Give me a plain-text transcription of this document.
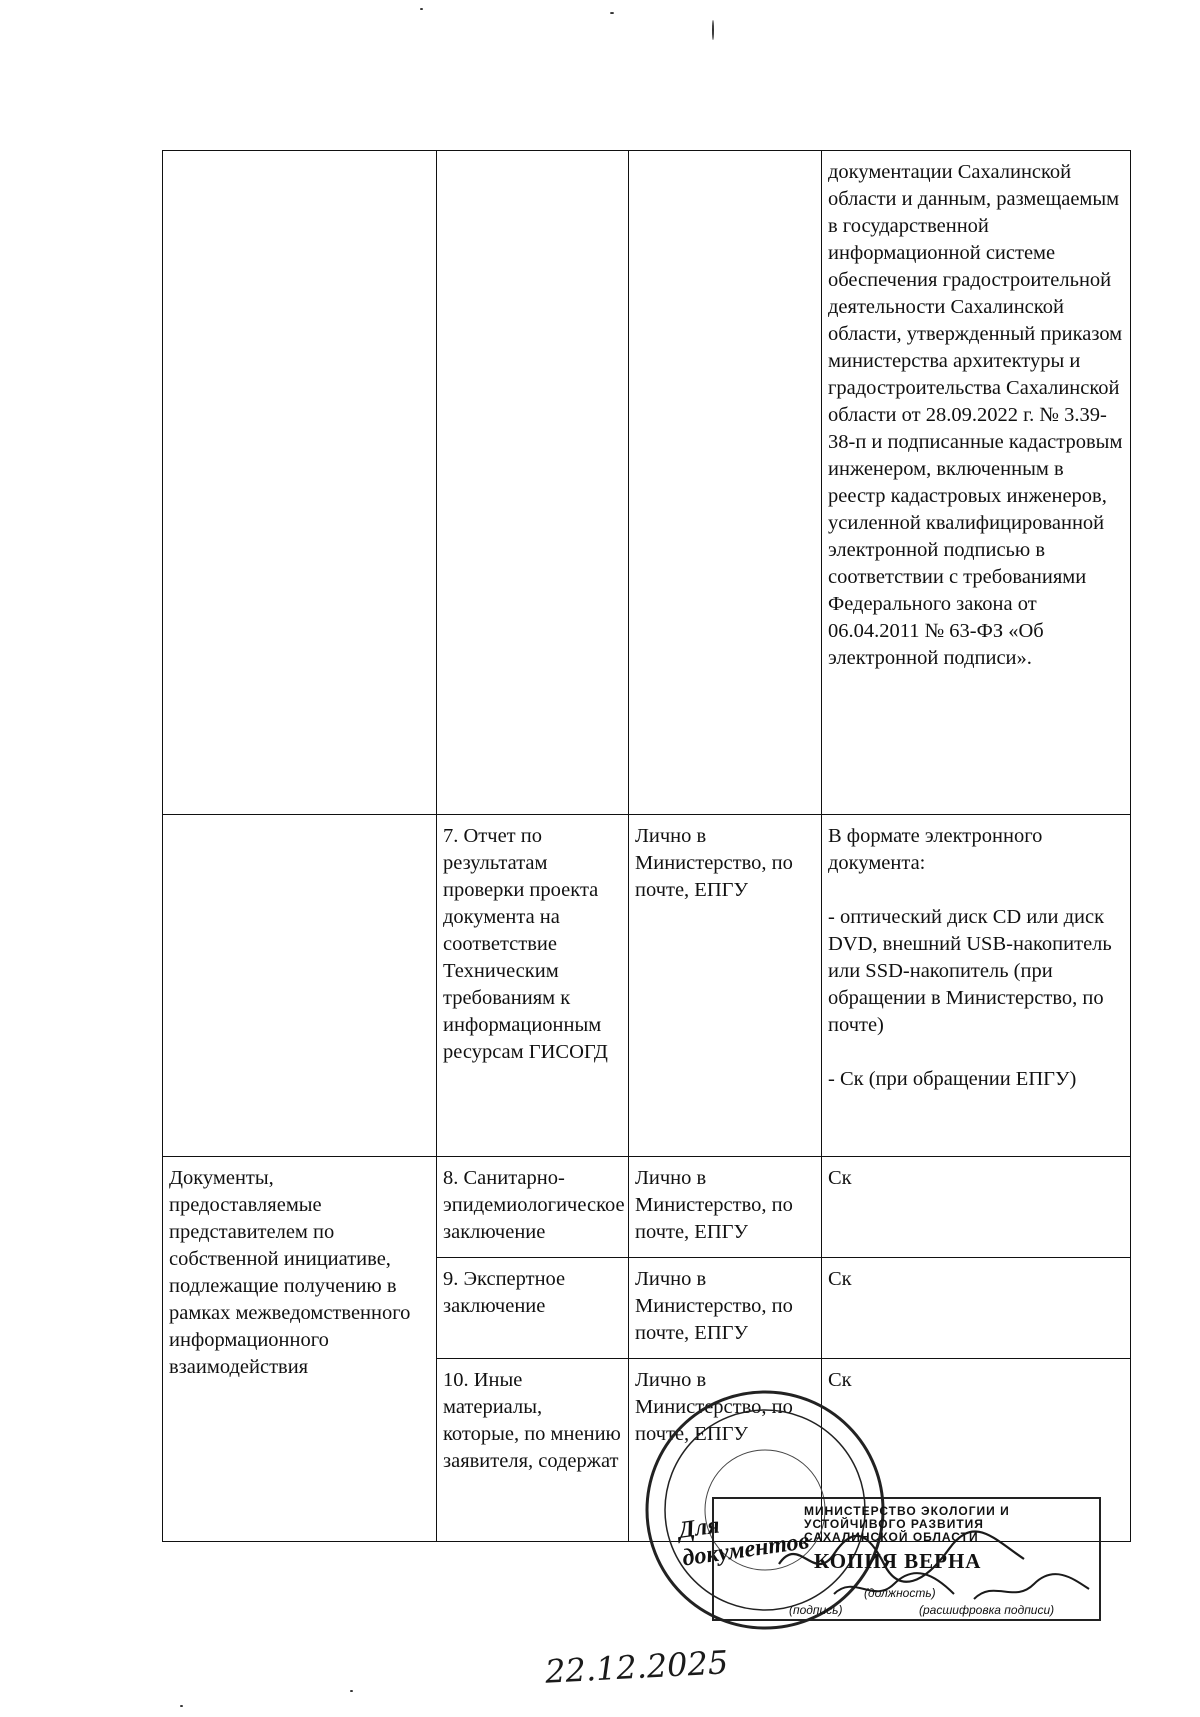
			документации Сахалинской области и данным, размещаемым в государственной информационной системе обеспечения градостроительной деятельности Сахалинской области, утвержденный приказом министерства архитектуры и градостроительства Сахалинской области от 28.09.2022 г. № 3.39-38-п и подписанные кадастровым инженером, включенным в реестр кадастровых инженеров, усиленной квалифицированной электронной подписью в соответствии с требованиями Федерального закона от 06.04.2011 № 63-ФЗ «Об электронной подписи».
	7. Отчет по результатам проверки проекта документа на соответствие Техническим требованиям к информационным ресурсам ГИСОГД	Лично в Министерство, по почте, ЕПГУ	В формате электронного документа:

- оптический диск CD или диск DVD, внешний USB-накопитель или SSD-накопитель (при обращении в Министерство, по почте)

- Ск (при обращении ЕПГУ)
Документы, предоставляемые представителем по собственной инициативе, подлежащие получению в рамках межведомственного информационного взаимодействия	8. Санитарно-эпидемиологическое заключение	Лично в Министерство, по почте, ЕПГУ	Ск
	9. Экспертное заключение	Лично в Министерство, по почте, ЕПГУ	Ск
	10. Иные материалы, которые, по мнению заявителя, содержат	Лично в Министерство, по почте, ЕПГУ	Ск
Для
документов
МИНИСТЕРСТВО ЭКОЛОГИИ И
УСТОЙЧИВОГО РАЗВИТИЯ
САХАЛИНСКОЙ ОБЛАСТИ
КОПИЯ ВЕРНА
(должность)
(подпись)	(расшифровка подписи)
22.12.2025
